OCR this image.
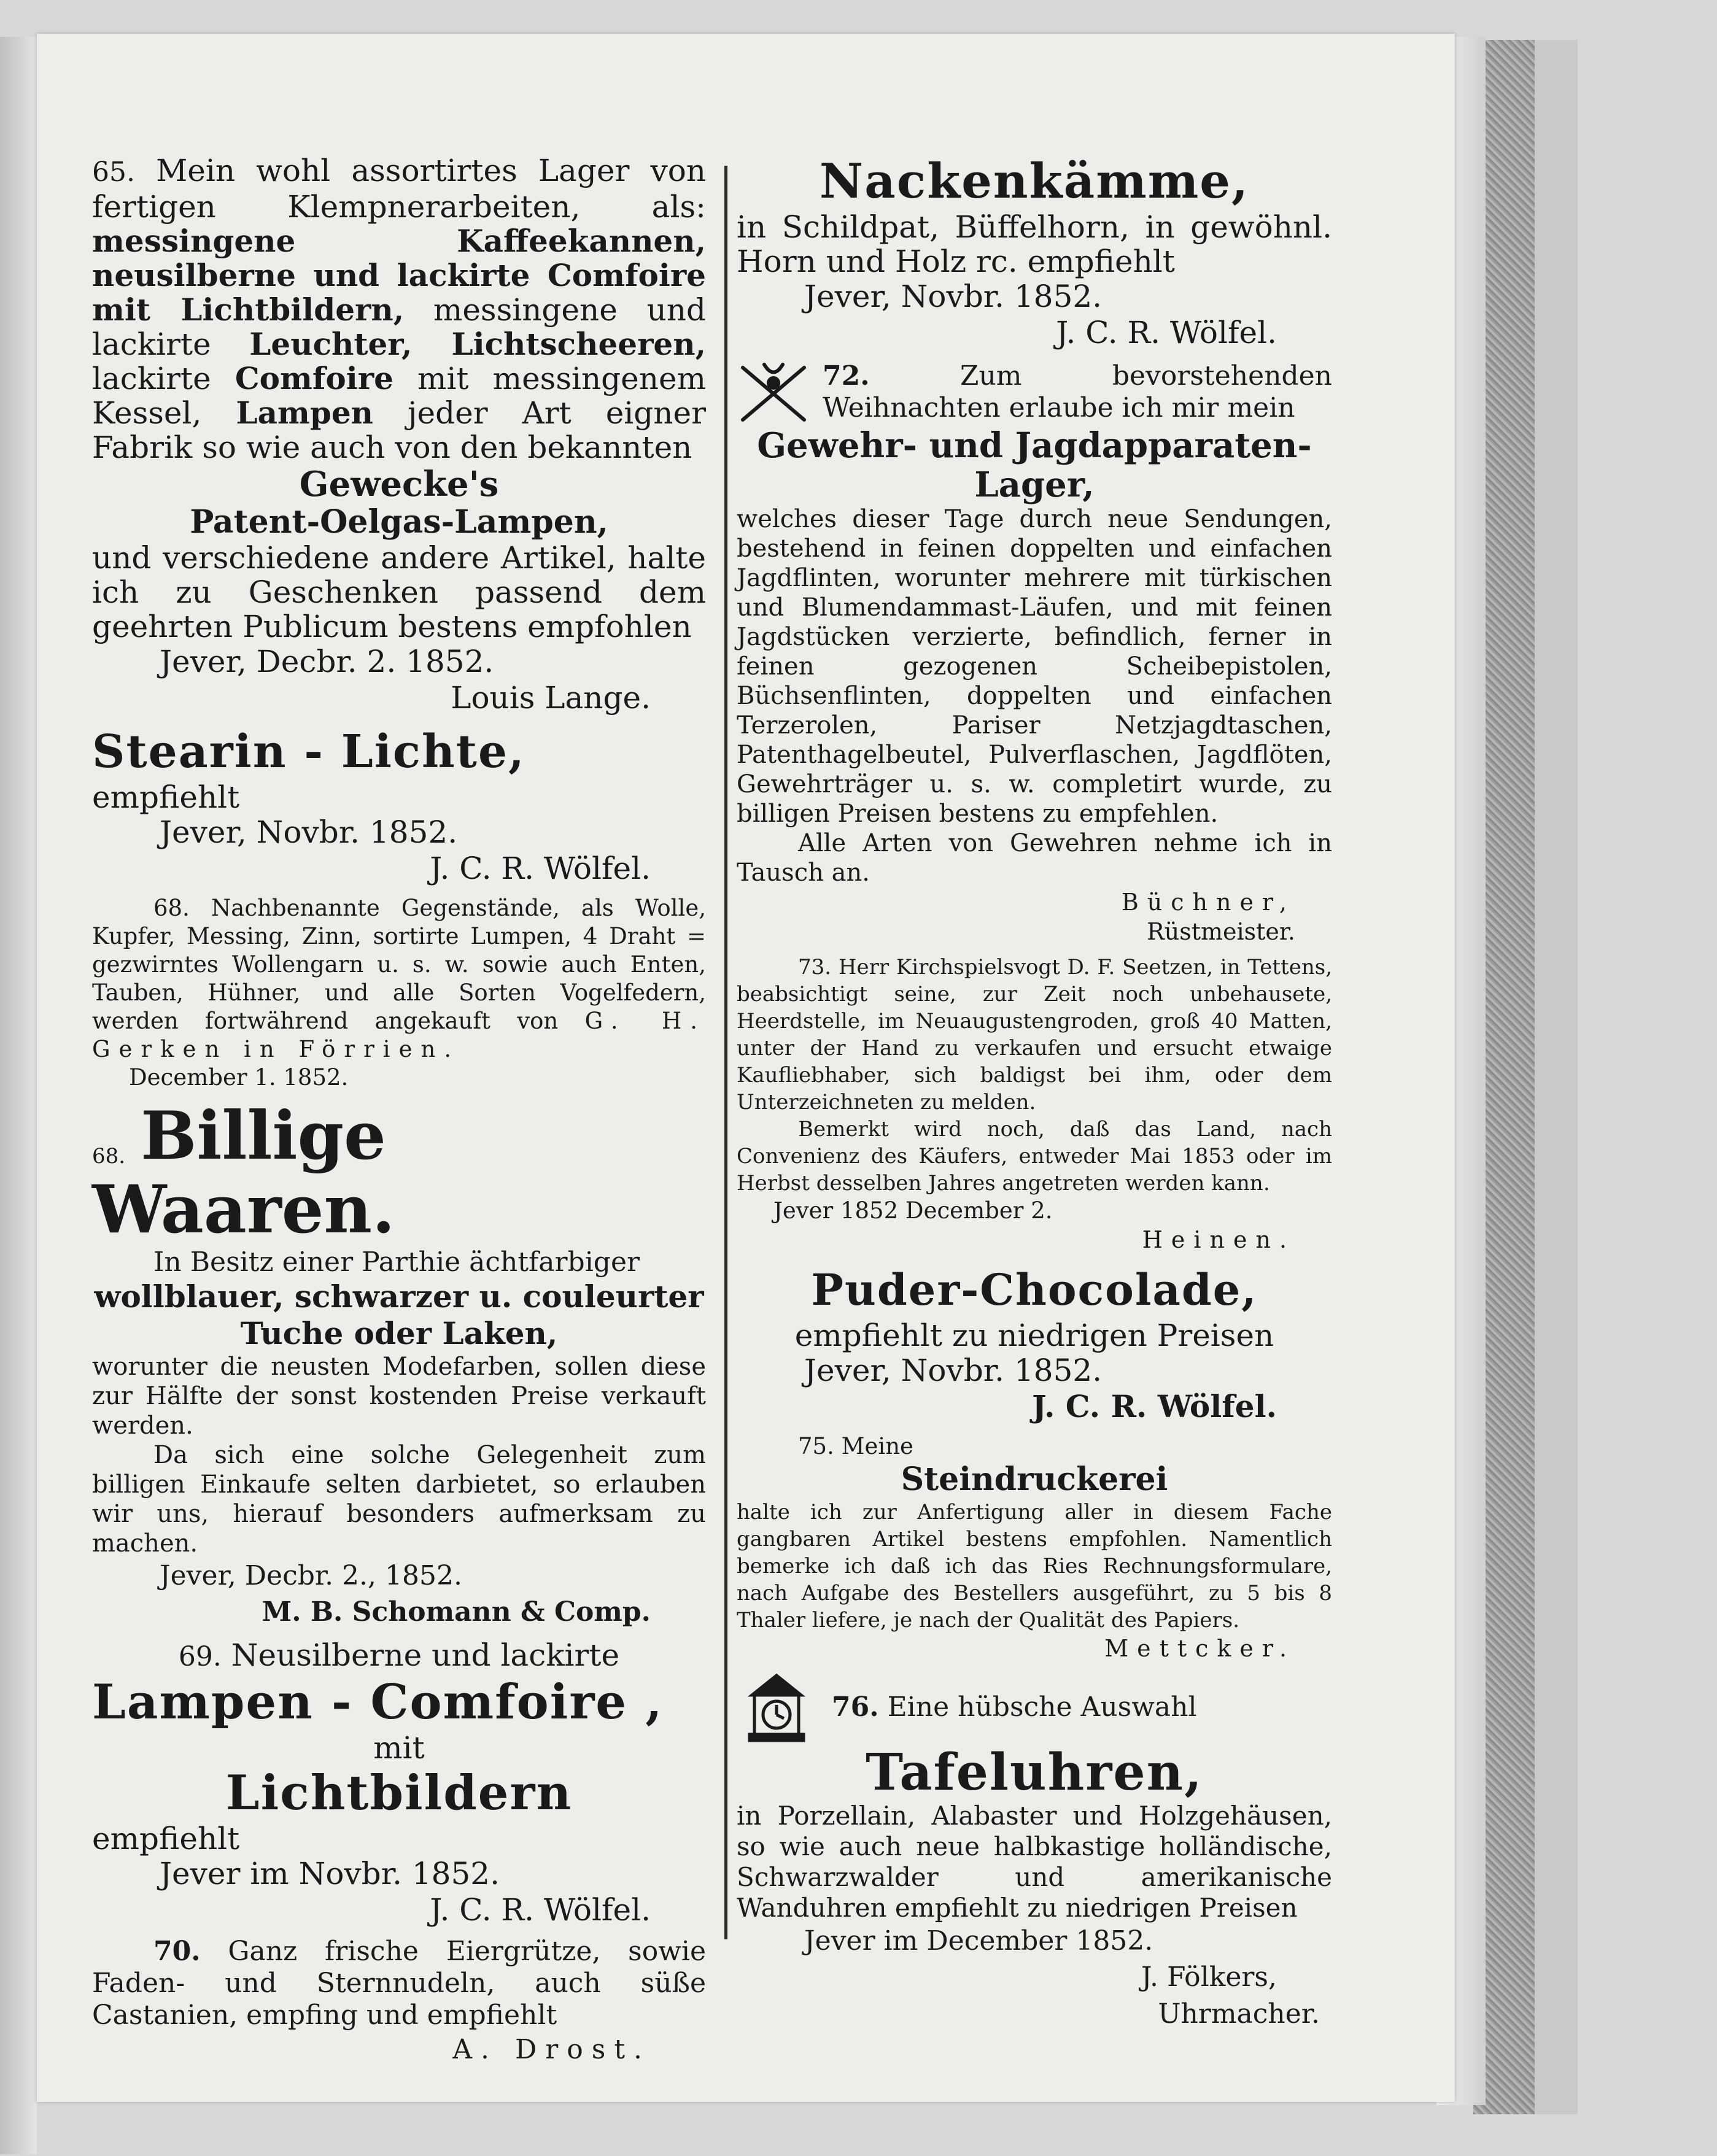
65. Mein wohl assortirtes Lager von fertigen Klempnerarbeiten, als: messingene Kaffeekannen, neusilberne und lackirte Comfoire mit Lichtbildern, messingene und lackirte Leuchter, Lichtscheeren, lackirte Comfoire mit messingenem Kessel, Lampen jeder Art eigner Fabrik so wie auch von den bekannten
Gewecke's
Patent-Oelgas-Lampen,
und verschiedene andere Artikel, halte ich zu Geschenken passend dem geehrten Publicum bestens empfohlen
Jever, Decbr. 2. 1852.
Louis Lange.
Stearin - Lichte,
empfiehlt
Jever, Novbr. 1852.
J. C. R. Wölfel.
68. Nachbenannte Gegenstände, als Wolle, Kupfer, Messing, Zinn, sortirte Lumpen, 4 Draht = gezwirntes Wollengarn u. s. w. sowie auch Enten, Tauben, Hühner, und alle Sorten Vogelfedern, werden fortwährend angekauft von G. H. Gerken in Förrien.
December 1. 1852.
68. Billige Waaren.
In Besitz einer Parthie ächtfarbiger
wollblauer, schwarzer u. couleurter
Tuche oder Laken,
worunter die neusten Modefarben, sollen diese zur Hälfte der sonst kostenden Preise verkauft werden.
Da sich eine solche Gelegenheit zum billigen Einkaufe selten darbietet, so erlauben wir uns, hierauf besonders aufmerksam zu machen.
Jever, Decbr. 2., 1852.
M. B. Schomann & Comp.
69. Neusilberne und lackirte
Lampen - Comfoire ,
mit
Lichtbildern
empfiehlt
Jever im Novbr. 1852.
J. C. R. Wölfel.
70. Ganz frische Eiergrütze, sowie Faden- und Sternnudeln, auch süße Castanien, empfing und empfiehlt
A. Drost.
Nackenkämme,
in Schildpat, Büffelhorn, in gewöhnl. Horn und Holz rc. empfiehlt
Jever, Novbr. 1852.
J. C. R. Wölfel.
72.	Zum bevorstehenden Weihnachten erlaube ich mir mein
Gewehr- und Jagdapparaten-Lager,
welches dieser Tage durch neue Sendungen, bestehend in feinen doppelten und einfachen Jagdflinten, worunter mehrere mit türkischen und Blumendammast-Läufen, und mit feinen Jagdstücken verzierte, befindlich, ferner in feinen gezogenen Scheibepistolen, Büchsenflinten, doppelten und einfachen Terzerolen, Pariser Netzjagdtaschen, Patenthagelbeutel, Pulverflaschen, Jagdflöten, Gewehrträger u. s. w. completirt wurde, zu billigen Preisen bestens zu empfehlen.
Alle Arten von Gewehren nehme ich in Tausch an.
Büchner,
Rüstmeister.
73. Herr Kirchspielsvogt D. F. Seetzen, in Tettens, beabsichtigt seine, zur Zeit noch unbehausete, Heerdstelle, im Neuaugustengroden, groß 40 Matten, unter der Hand zu verkaufen und ersucht etwaige Kaufliebhaber, sich baldigst bei ihm, oder dem Unterzeichneten zu melden.
Bemerkt wird noch, daß das Land, nach Convenienz des Käufers, entweder Mai 1853 oder im Herbst desselben Jahres angetreten werden kann.
Jever 1852 December 2.
Heinen.
Puder-Chocolade,
empfiehlt zu niedrigen Preisen
Jever, Novbr. 1852.
J. C. R. Wölfel.
75. Meine
Steindruckerei
halte ich zur Anfertigung aller in diesem Fache gangbaren Artikel bestens empfohlen. Namentlich bemerke ich daß ich das Ries Rechnungsformulare, nach Aufgabe des Bestellers ausgeführt, zu 5 bis 8 Thaler liefere, je nach der Qualität des Papiers.
Mettcker.
76. Eine hübsche Auswahl
Tafeluhren,
in Porzellain, Alabaster und Holzgehäusen, so wie auch neue halbkastige holländische, Schwarzwalder und amerikanische Wanduhren empfiehlt zu niedrigen Preisen
Jever im December 1852.
J. Fölkers,
Uhrmacher.
